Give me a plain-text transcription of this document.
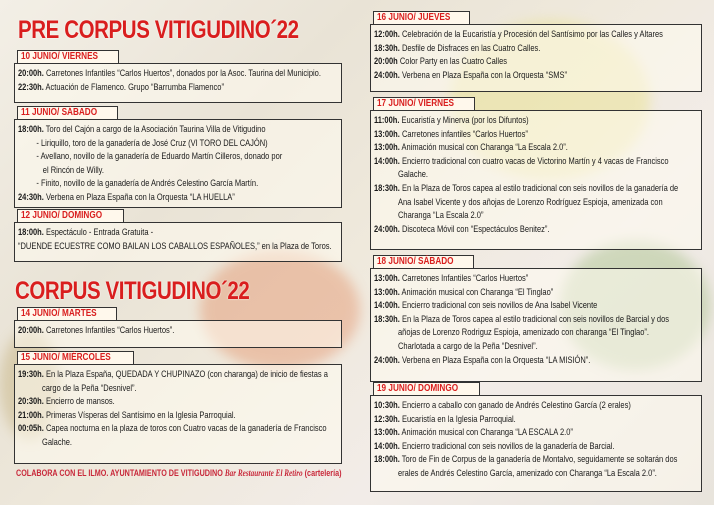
PRE CORPUS VITIGUDINO´22
CORPUS VITIGUDINO´22
10 JUNIO/ VIERNES
20:00h. Carretones Infantiles “Carlos Huertos”, donados por la Asoc. Taurina del Municipio.
22:30h. Actuación de Flamenco. Grupo “Barrumba Flamenco”
11 JUNIO/ SÁBADO
18:00h. Toro del Cajón a cargo de la Asociación Taurina Villa de Vitigudino
- Liriquillo, toro de la ganadería de José Cruz (VI TORO DEL CAJÓN)
- Avellano, novillo de la ganadería de Eduardo Martín Cilleros, donado por
el Rincón de Willy.
- Finito, novillo de la ganadería de Andrés Celestino García Martín.
24:30h. Verbena en Plaza España con la Orquesta “LA HUELLA”
12 JUNIO/ DOMINGO
18:00h. Espectáculo - Entrada Gratuita -
“DUENDE ECUESTRE COMO BAILAN LOS CABALLOS ESPAÑOLES,” en la Plaza de Toros.
14 JUNIO/ MARTES
20:00h. Carretones Infantiles “Carlos Huertos”.
15 JUNIO/ MIÉRCOLES
19:30h. En la Plaza España, QUEDADA Y CHUPINAZO (con charanga) de inicio de fiestas a
cargo de la Peña “Desnivel”.
20:30h. Encierro de mansos.
21:00h. Primeras Vísperas del Santísimo en la Iglesia Parroquial.
00:05h. Capea nocturna en la plaza de toros con Cuatro vacas de la ganadería de Francisco
Galache.
16 JUNIO/ JUEVES
12:00h. Celebración de la Eucaristía y Procesión del Santísimo por las Calles y Altares
18:30h. Desfile de Disfraces en las Cuatro Calles.
20:00h Color Party en las Cuatro Calles
24:00h. Verbena en Plaza España con la Orquesta “SMS”
17 JUNIO/ VIERNES
11:00h. Eucaristía y Minerva (por los Difuntos)
13:00h. Carretones infantiles “Carlos Huertos”
13:00h. Animación musical con Charanga “La Escala 2.0”.
14:00h. Encierro tradicional con cuatro vacas de Victorino Martín y 4 vacas de Francisco
Galache.
18:30h. En la Plaza de Toros capea al estilo tradicional con seis novillos de la ganadería de
Ana Isabel Vicente y dos añojas de Lorenzo Rodríguez Espioja, amenizada con
Charanga “La Escala 2.0”
24:00h. Discoteca Móvil con “Espectáculos Benitez”.
18 JUNIO/ SÁBADO
13:00h. Carretones Infantiles “Carlos Huertos”
13:00h. Animación musical con Charanga “El Tinglao”
14:00h. Encierro tradicional con seis novillos de Ana Isabel Vicente
18:30h. En la Plaza de Toros capea al estilo tradicional con seis novillos de Barcial y dos
añojas de Lorenzo Rodriguz Espioja, amenizado con charanga “El Tinglao”.
Charlotada a cargo de la Peña “Desnivel”.
24:00h. Verbena en Plaza España con la Orquesta “LA MISIÓN”.
19 JUNIO/ DOMINGO
10:30h. Encierro a caballo con ganado de Andrés Celestino García (2 erales)
12:30h. Eucaristía en la Iglesia Parroquial.
13:00h. Animación musical con Charanga “LA ESCALA 2.0”
14:00h. Encierro tradicional con seis novillos de la ganadería de Barcial.
18:00h. Toro de Fin de Corpus de la ganadería de Montalvo, seguidamente se soltarán dos
erales de Andrés Celestino García, amenizado con Charanga “La Escala 2.0”.
COLABORA CON EL ILMO. AYUNTAMIENTO DE VITIGUDINO Bar Restaurante El Retiro (cartelería)
